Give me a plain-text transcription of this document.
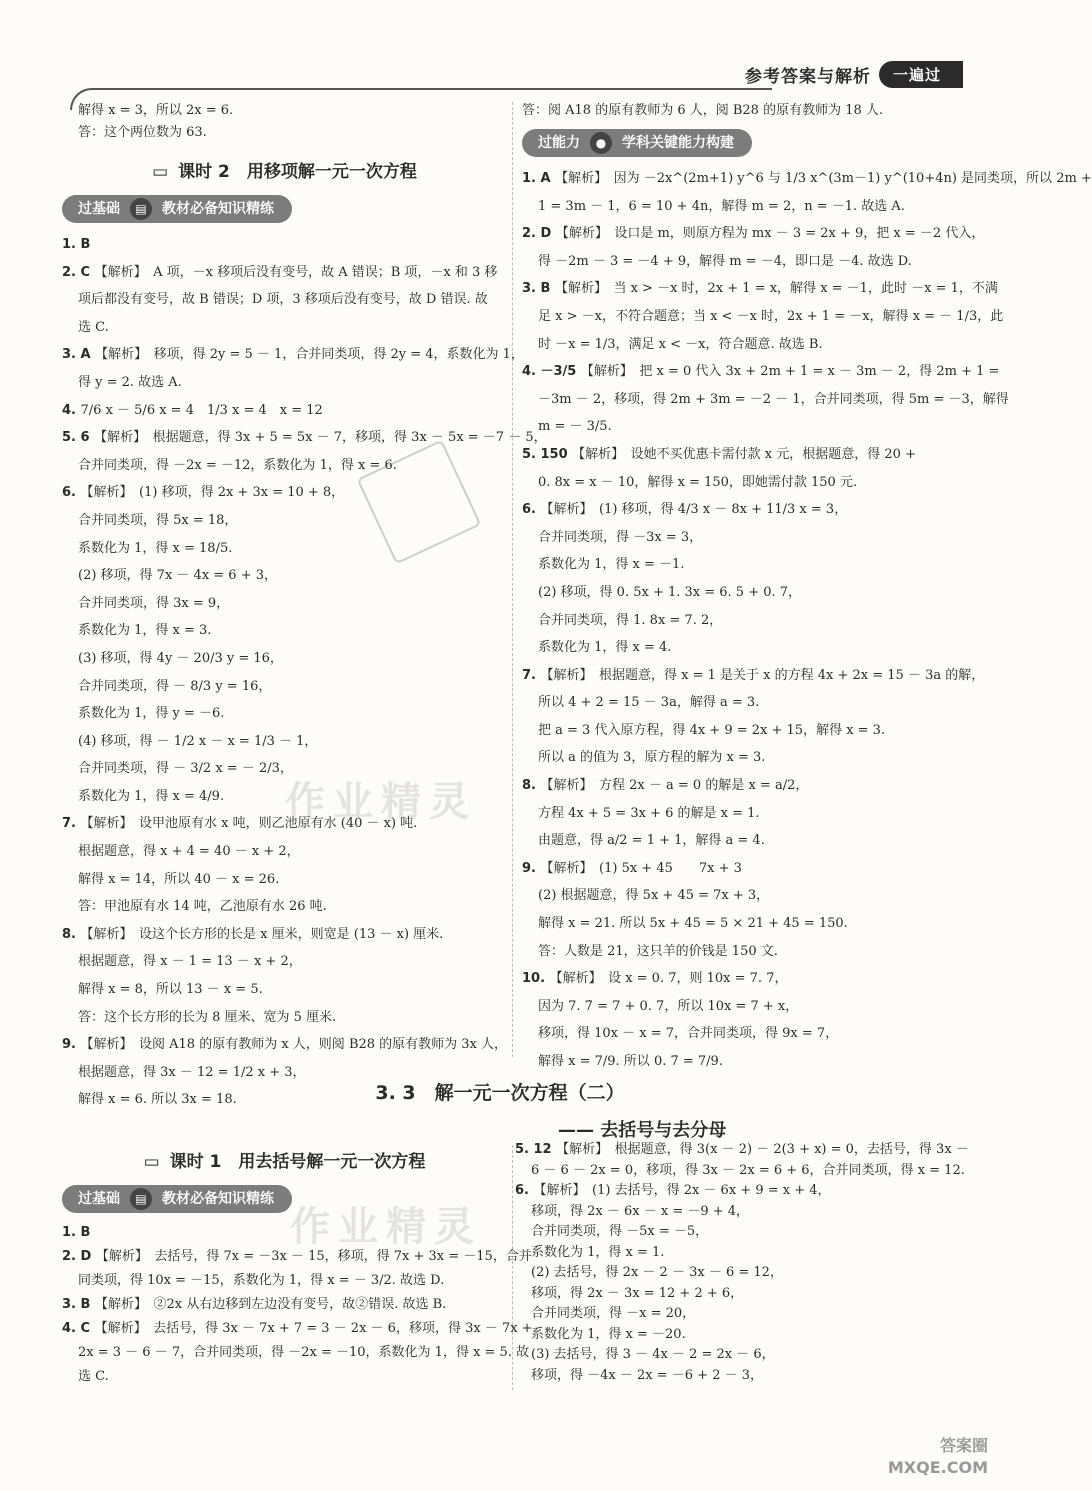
参考答案与解析	一遍过

解得 x = 3，所以 2x = 6.

答：这个两位数为 63.

▭ 课时 2　用移项解一元一次方程
过基础	▤	教材必备知识精练

1. B

2. C 【解析】　A 项，－x 移项后没有变号，故 A 错误；B 项，－x 和 3 移

项后都没有变号，故 B 错误；D 项，3 移项后没有变号，故 D 错误. 故

选 C.

3. A 【解析】　移项，得 2y = 5 － 1，合并同类项，得 2y = 4，系数化为 1，

得 y = 2. 故选 A.

4. 7/6 x － 5/6 x = 4　1/3 x = 4　x = 12

5. 6 【解析】　根据题意，得 3x + 5 = 5x － 7，移项，得 3x － 5x = －7 － 5，

合并同类项，得 －2x = －12，系数化为 1，得 x = 6.

6. 【解析】　(1) 移项，得 2x + 3x = 10 + 8，

合并同类项，得 5x = 18，

系数化为 1，得 x = 18/5.

(2) 移项，得 7x － 4x = 6 + 3，

合并同类项，得 3x = 9，

系数化为 1，得 x = 3.

(3) 移项，得 4y － 20/3 y = 16，

合并同类项，得 － 8/3 y = 16，

系数化为 1，得 y = －6.

(4) 移项，得 － 1/2 x － x = 1/3 － 1，

合并同类项，得 － 3/2 x = － 2/3，

系数化为 1，得 x = 4/9.

7. 【解析】　设甲池原有水 x 吨，则乙池原有水 (40 － x) 吨.

根据题意，得 x + 4 = 40 － x + 2，

解得 x = 14，所以 40 － x = 26.

答：甲池原有水 14 吨，乙池原有水 26 吨.

8. 【解析】　设这个长方形的长是 x 厘米，则宽是 (13 － x) 厘米.

根据题意，得 x － 1 = 13 － x + 2，

解得 x = 8，所以 13 － x = 5.

答：这个长方形的长为 8 厘米、宽为 5 厘米.

9. 【解析】　设阅 A18 的原有教师为 x 人，则阅 B28 的原有教师为 3x 人，

根据题意，得 3x － 12 = 1/2 x + 3，

解得 x = 6. 所以 3x = 18.

答：阅 A18 的原有教师为 6 人，阅 B28 的原有教师为 18 人.

过能力	●	学科关键能力构建

1. A 【解析】　因为 －2x^(2m+1) y^6 与 1/3 x^(3m－1) y^(10+4n) 是同类项，所以 2m +

1 = 3m － 1，6 = 10 + 4n，解得 m = 2，n = －1. 故选 A.

2. D 【解析】　设口是 m，则原方程为 mx － 3 = 2x + 9，把 x = －2 代入，

得 －2m － 3 = －4 + 9，解得 m = －4，即口是 －4. 故选 D.

3. B 【解析】　当 x > －x 时，2x + 1 = x，解得 x = －1，此时 －x = 1，不满

足 x > －x，不符合题意；当 x < －x 时，2x + 1 = －x，解得 x = － 1/3，此

时 －x = 1/3，满足 x < －x，符合题意. 故选 B.

4. －3/5 【解析】　把 x = 0 代入 3x + 2m + 1 = x － 3m － 2，得 2m + 1 =

－3m － 2，移项，得 2m + 3m = －2 － 1，合并同类项，得 5m = －3，解得

m = － 3/5.

5. 150 【解析】　设她不买优惠卡需付款 x 元，根据题意，得 20 +

0. 8x = x － 10，解得 x = 150，即她需付款 150 元.

6. 【解析】　(1) 移项，得 4/3 x － 8x + 11/3 x = 3，

合并同类项，得 －3x = 3，

系数化为 1，得 x = －1.

(2) 移项，得 0. 5x + 1. 3x = 6. 5 + 0. 7，

合并同类项，得 1. 8x = 7. 2，

系数化为 1，得 x = 4.

7. 【解析】　根据题意，得 x = 1 是关于 x 的方程 4x + 2x = 15 － 3a 的解，

所以 4 + 2 = 15 － 3a，解得 a = 3.

把 a = 3 代入原方程，得 4x + 9 = 2x + 15，解得 x = 3.

所以 a 的值为 3，原方程的解为 x = 3.

8. 【解析】　方程 2x － a = 0 的解是 x = a/2，

方程 4x + 5 = 3x + 6 的解是 x = 1.

由题意，得 a/2 = 1 + 1，解得 a = 4.

9. 【解析】　(1) 5x + 45　　7x + 3

(2) 根据题意，得 5x + 45 = 7x + 3，

解得 x = 21. 所以 5x + 45 = 5 × 21 + 45 = 150.

答：人数是 21，这只羊的价钱是 150 文.

10. 【解析】　设 x = 0. 7̇，则 10x = 7. 7̇，

因为 7. 7̇ = 7 + 0. 7̇，所以 10x = 7 + x，

移项，得 10x － x = 7，合并同类项，得 9x = 7，

解得 x = 7/9. 所以 0. 7̇ = 7/9.

3. 3　解一元一次方程（二）
—— 去括号与去分母
▭ 课时 1　用去括号解一元一次方程
过基础	▤	教材必备知识精练

1. B

2. D 【解析】　去括号，得 7x = －3x － 15，移项，得 7x + 3x = －15，合并

同类项，得 10x = －15，系数化为 1，得 x = － 3/2. 故选 D.

3. B 【解析】　②2x 从右边移到左边没有变号，故②错误. 故选 B.

4. C 【解析】　去括号，得 3x － 7x + 7 = 3 － 2x － 6，移项，得 3x － 7x +

2x = 3 － 6 － 7，合并同类项，得 －2x = －10，系数化为 1，得 x = 5. 故

选 C.

5. 12 【解析】　根据题意，得 3(x － 2) － 2(3 + x) = 0，去括号，得 3x －

6 － 6 － 2x = 0，移项，得 3x － 2x = 6 + 6，合并同类项，得 x = 12.

6. 【解析】　(1) 去括号，得 2x － 6x + 9 = x + 4，

移项，得 2x － 6x － x = －9 + 4，

合并同类项，得 －5x = －5，

系数化为 1，得 x = 1.

(2) 去括号，得 2x － 2 － 3x － 6 = 12，

移项，得 2x － 3x = 12 + 2 + 6，

合并同类项，得 －x = 20，

系数化为 1，得 x = －20.

(3) 去括号，得 3 － 4x － 2 = 2x － 6，

移项，得 －4x － 2x = －6 + 2 － 3，

作业精灵
作业精灵
答案圈
MXQE.COM
